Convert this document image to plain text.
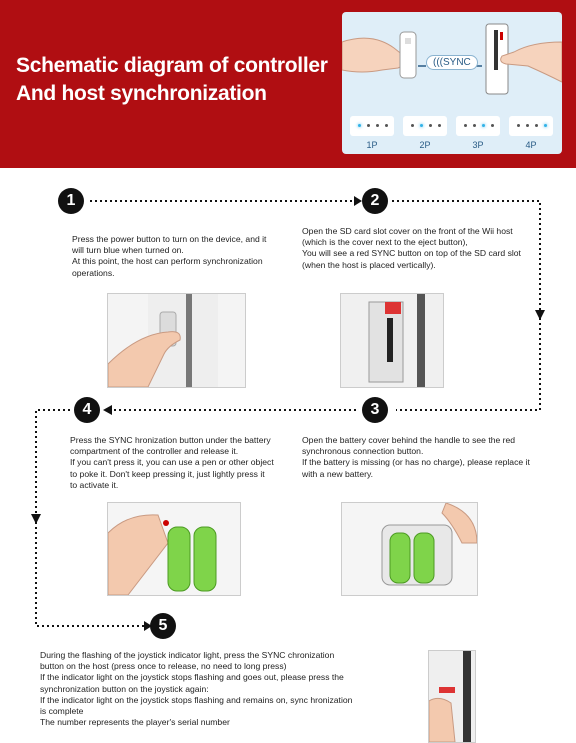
Schematic diagram of controller
And host synchronization
(((SYNC
1P	2P	3P	4P
1	2
3
4
5
Press the power button to turn on the device, and it
will turn blue when turned on.
At this point, the host can perform synchronization
operations.
Open the SD card slot cover on the front of the Wii host
(which is the cover next to the eject button),
You will see a red SYNC button on top of the SD card slot
(when the host is placed vertically).
Open the battery cover behind the handle to see the red
synchronous connection button.
If the battery is missing (or has no charge), please replace it
with a new battery.
Press the SYNC hronization button under the battery
compartment of the controller and release it.
If you can't press it, you can use a pen or other object
to poke it. Don't keep pressing it, just lightly press it
to activate it.
During the flashing of the joystick indicator light, press the SYNC chronization
button on the host (press once to release, no need to long press)
If the indicator light on the joystick stops flashing and goes out, please press the
synchronization button on the joystick again:
If the indicator light on the joystick stops flashing and remains on, sync hronization
is complete
The number represents the player's serial number
